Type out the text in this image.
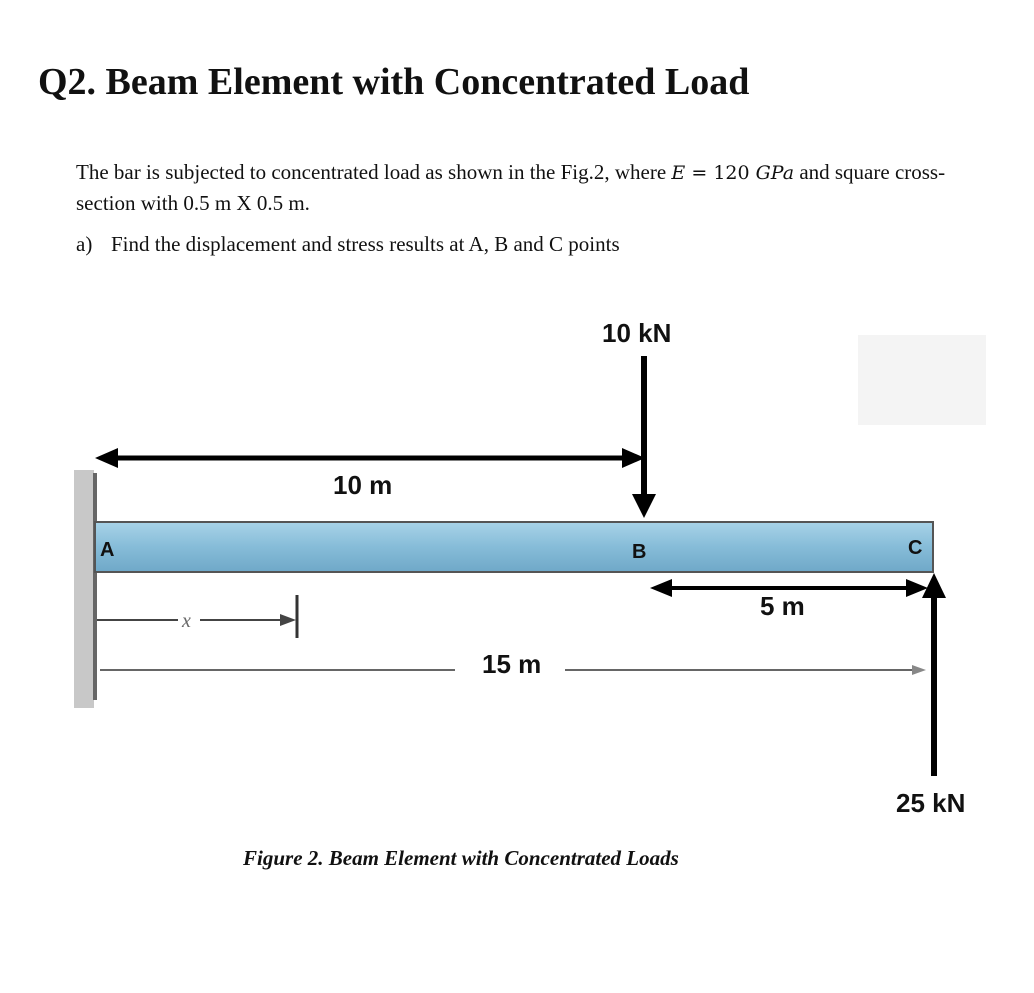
Q2. Beam Element with Concentrated Load
The bar is subjected to concentrated load as shown in the Fig.2, where E = 120 GPa and square cross-section with 0.5 m X 0.5 m.
a) Find the displacement and stress results at A, B and C points
A	B	C
10 m
10 kN
5 m
x
15 m
25 kN
Figure 2. Beam Element with Concentrated Loads
